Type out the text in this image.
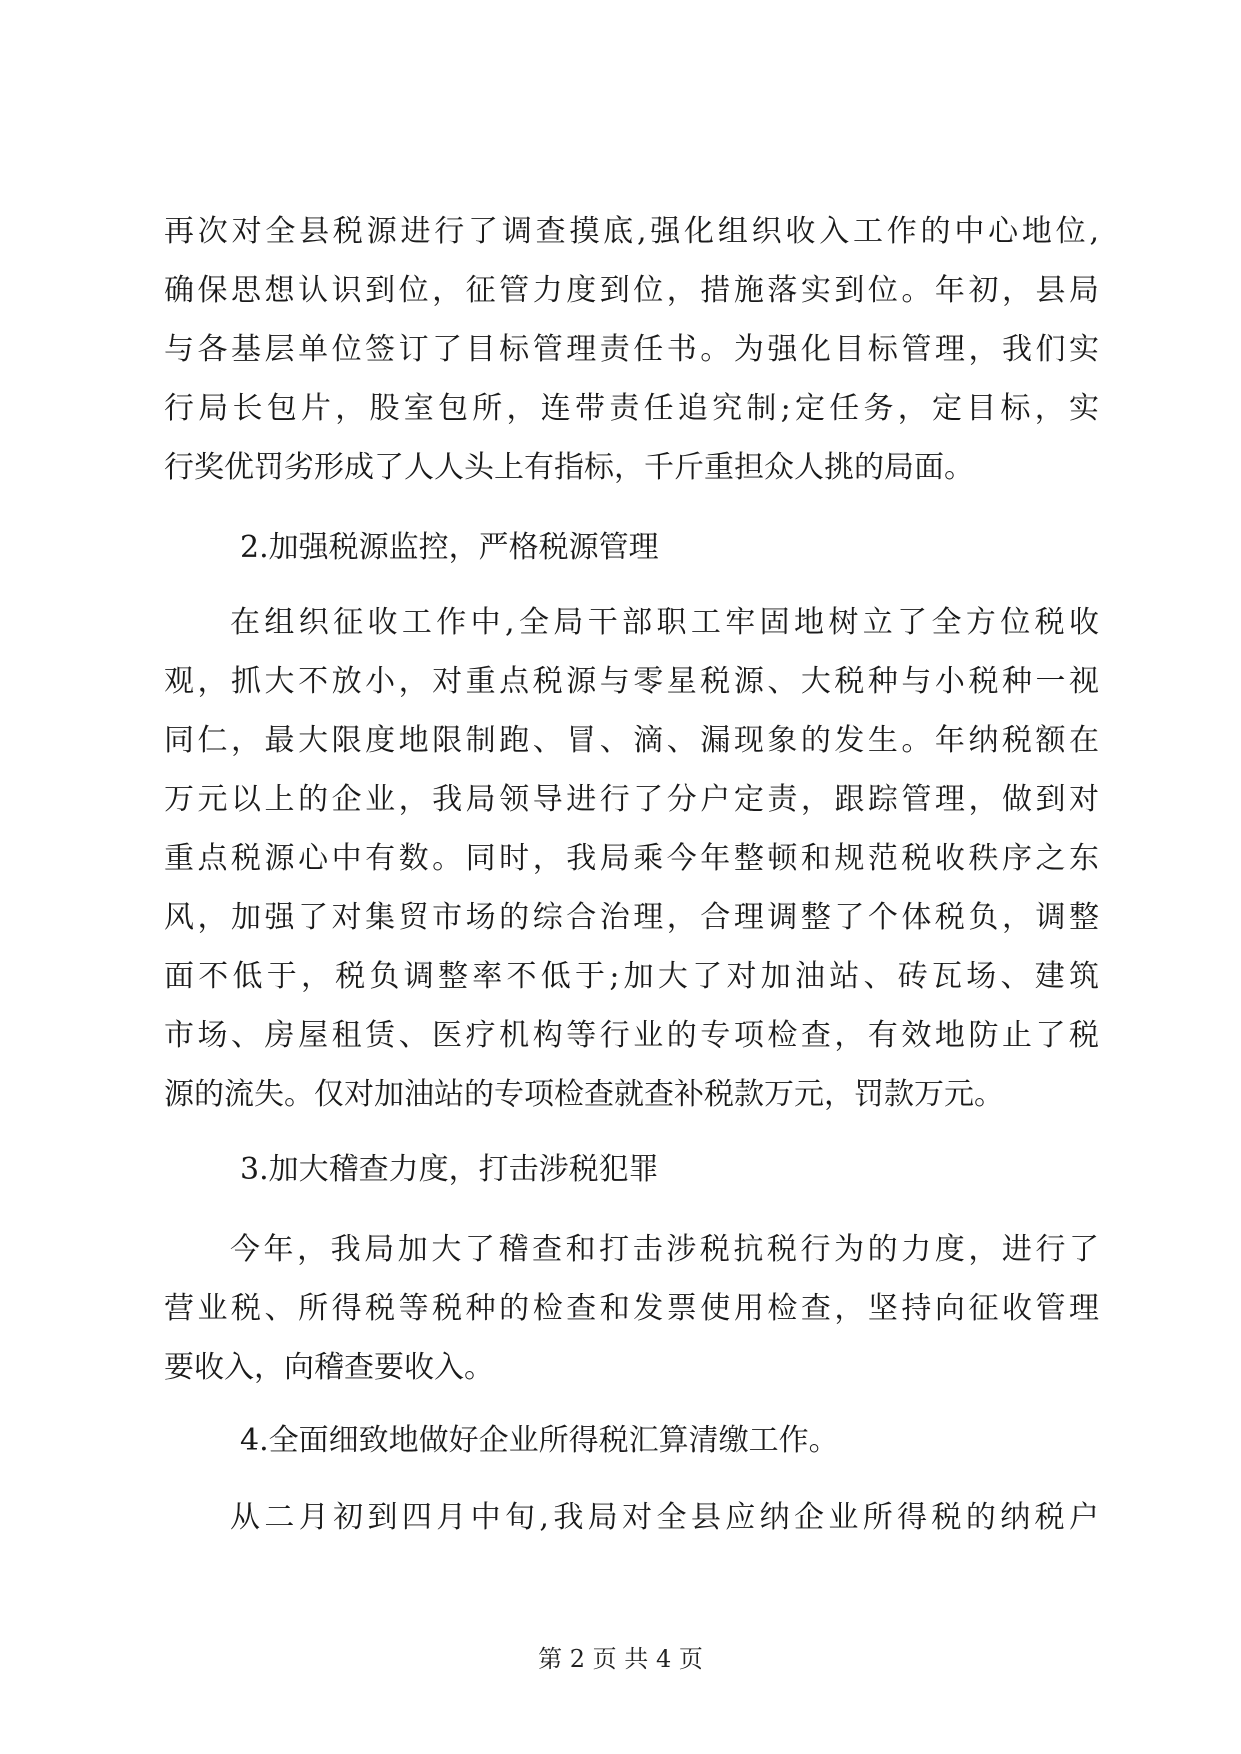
再次对全县税源进行了调查摸底,强化组织收入工作的中心地位,
确保思想认识到位，征管力度到位，措施落实到位。年初，县局
与各基层单位签订了目标管理责任书。为强化目标管理，我们实
行局长包片，股室包所，连带责任追究制;定任务，定目标，实
行奖优罚劣形成了人人头上有指标，千斤重担众人挑的局面。
2.加强税源监控，严格税源管理
在组织征收工作中,全局干部职工牢固地树立了全方位税收
观，抓大不放小，对重点税源与零星税源、大税种与小税种一视
同仁，最大限度地限制跑、冒、滴、漏现象的发生。年纳税额在
万元以上的企业，我局领导进行了分户定责，跟踪管理，做到对
重点税源心中有数。同时，我局乘今年整顿和规范税收秩序之东
风，加强了对集贸市场的综合治理，合理调整了个体税负，调整
面不低于，税负调整率不低于;加大了对加油站、砖瓦场、建筑
市场、房屋租赁、医疗机构等行业的专项检查，有效地防止了税
源的流失。仅对加油站的专项检查就查补税款万元，罚款万元。
3.加大稽查力度，打击涉税犯罪
今年，我局加大了稽查和打击涉税抗税行为的力度，进行了
营业税、所得税等税种的检查和发票使用检查，坚持向征收管理
要收入，向稽查要收入。
4.全面细致地做好企业所得税汇算清缴工作。
从二月初到四月中旬,我局对全县应纳企业所得税的纳税户
第 2 页 共 4 页
